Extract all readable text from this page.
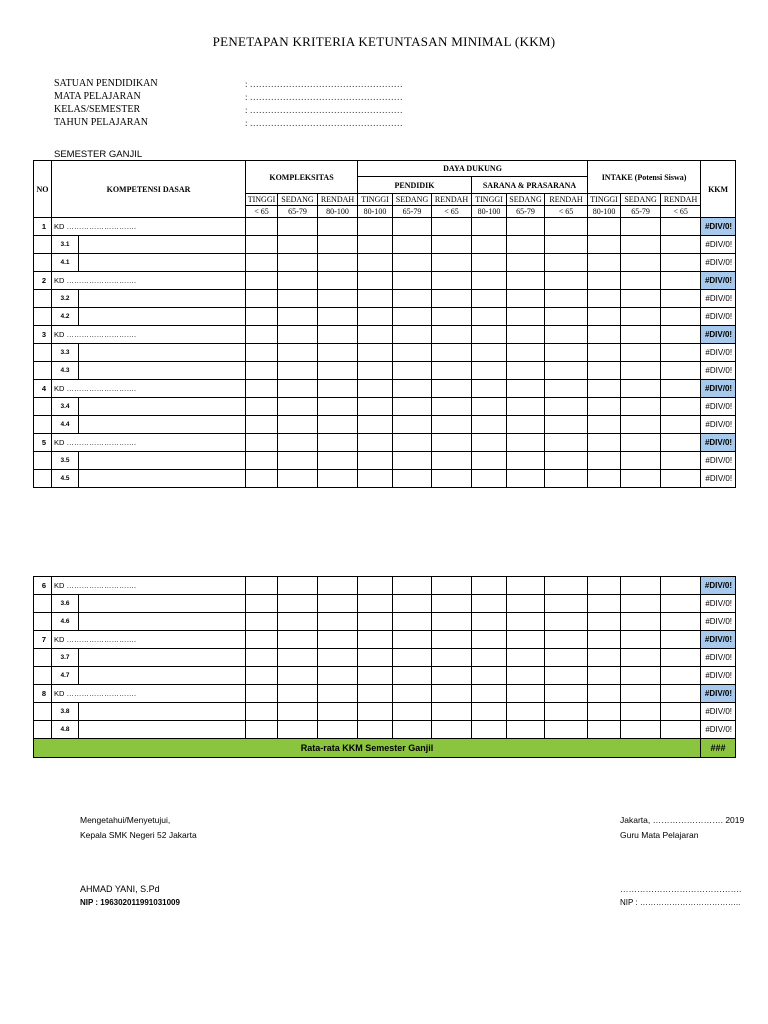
PENETAPAN KRITERIA KETUNTASAN MINIMAL (KKM)
SATUAN PENDIDIKAN	: ……………………………………………
MATA PELAJARAN	: ……………………………………………
KELAS/SEMESTER	: ……………………………………………
TAHUN PELAJARAN	: ……………………………………………
SEMESTER GANJIL
NO	KOMPETENSI DASAR	KOMPLEKSITAS			DAYA DUKUNG						INTAKE (Potensi Siswa)			KKM
					PENDIDIK			SARANA & PRASARANA						
		TINGGI	SEDANG	RENDAH	TINGGI	SEDANG	RENDAH	TINGGI	SEDANG	RENDAH	TINGGI	SEDANG	RENDAH	
		< 65	65-79	80-100	80-100	65-79	< 65	80-100	65-79	< 65	80-100	65-79	< 65	
1	KD ……………………….													#DIV/0!

3.1													#DIV/0!

4.1													#DIV/0!
2	KD ……………………….													#DIV/0!

3.2													#DIV/0!

4.2													#DIV/0!
3	KD ……………………….													#DIV/0!

3.3													#DIV/0!

4.3													#DIV/0!
4	KD ……………………….													#DIV/0!

3.4													#DIV/0!

4.4													#DIV/0!
5	KD ……………………….													#DIV/0!

3.5													#DIV/0!

4.5													#DIV/0!
6	KD ……………………….													#DIV/0!

3.6													#DIV/0!

4.6													#DIV/0!
7	KD ……………………….													#DIV/0!

3.7													#DIV/0!

4.7													#DIV/0!
8	KD ……………………….													#DIV/0!

3.8													#DIV/0!

4.8													#DIV/0!
Rata-rata KKM Semester Ganjil														###
Mengetahui/Menyetujui,
Kepala SMK Negeri 52 Jakarta
AHMAD YANI, S.Pd
NIP : 196302011991031009
Jakarta, ……………………. 2019
Guru Mata Pelajaran
…………………………………….
NIP : ………………………………..
